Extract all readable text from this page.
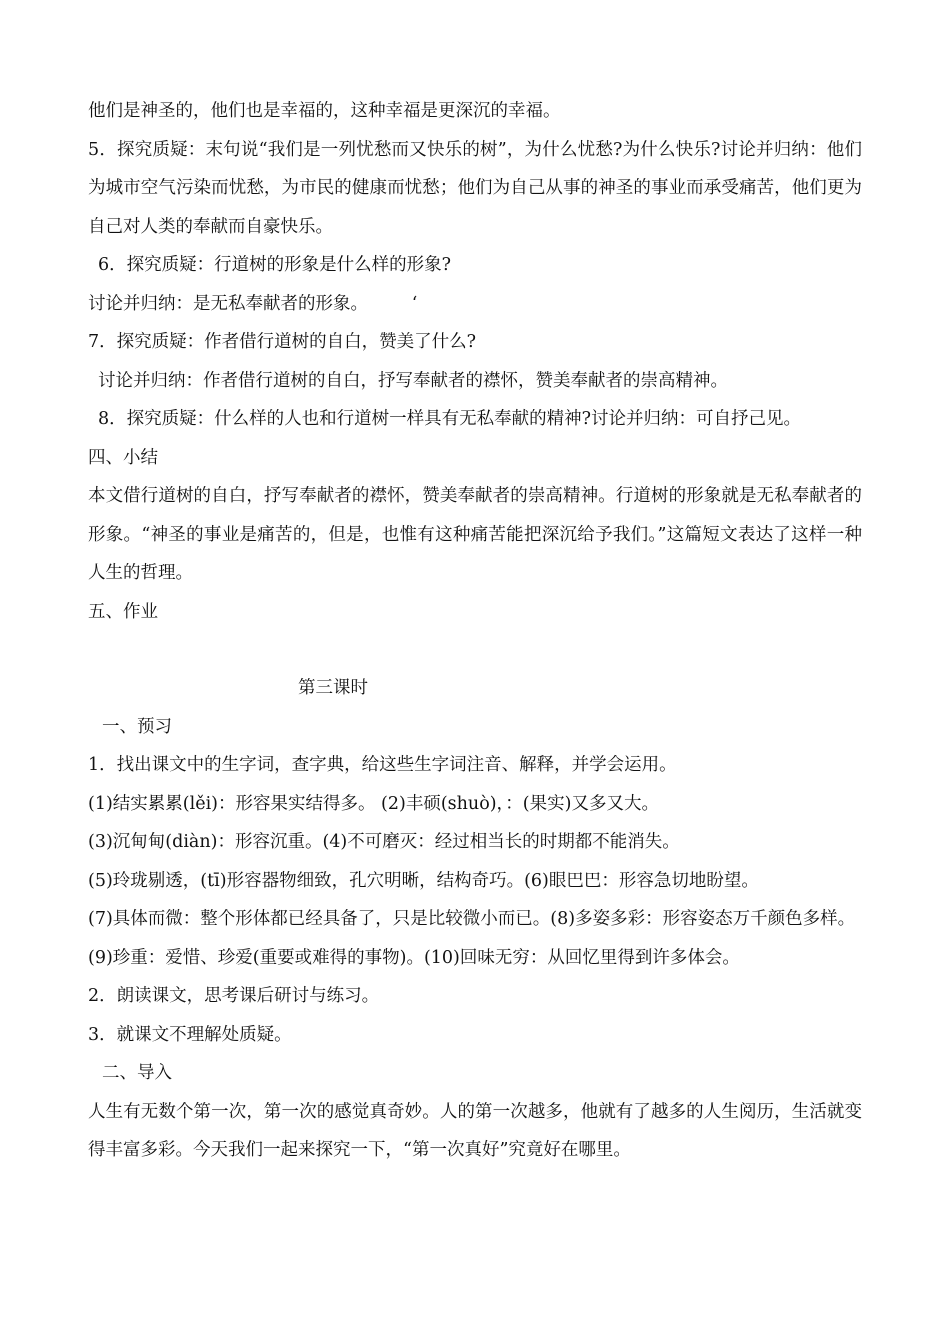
他们是神圣的，他们也是幸福的，这种幸福是更深沉的幸福。

5．探究质疑：末句说“我们是一列忧愁而又快乐的树”，为什么忧愁?为什么快乐?讨论并归纳：他们为城市空气污染而忧愁，为市民的健康而忧愁；他们为自己从事的神圣的事业而承受痛苦，他们更为自己对人类的奉献而自豪快乐。

6．探究质疑：行道树的形象是什么样的形象?

讨论并归纳：是无私奉献者的形象。　　　‘

7．探究质疑：作者借行道树的自白，赞美了什么?

讨论并归纳：作者借行道树的自白，抒写奉献者的襟怀，赞美奉献者的崇高精神。

8．探究质疑：什么样的人也和行道树一样具有无私奉献的精神?讨论并归纳：可自抒己见。

四、小结

本文借行道树的自白，抒写奉献者的襟怀，赞美奉献者的崇高精神。行道树的形象就是无私奉献者的形象。“神圣的事业是痛苦的，但是，也惟有这种痛苦能把深沉给予我们。”这篇短文表达了这样一种人生的哲理。

五、作业

第三课时

一、预习

1．找出课文中的生字词，查字典，给这些生字词注音、解释，并学会运用。

(1)结实累累(lěi)：形容果实结得多。 (2)丰硕(shuò)，：(果实)又多又大。

(3)沉甸甸(diàn)：形容沉重。(4)不可磨灭：经过相当长的时期都不能消失。

(5)玲珑剔透，(tī)形容器物细致，孔穴明晰，结构奇巧。(6)眼巴巴：形容急切地盼望。

(7)具体而微：整个形体都已经具备了，只是比较微小而已。(8)多姿多彩：形容姿态万千颜色多样。

(9)珍重：爱惜、珍爱(重要或难得的事物)。(10)回味无穷：从回忆里得到许多体会。

2．朗读课文，思考课后研讨与练习。

3．就课文不理解处质疑。

二、导入

人生有无数个第一次，第一次的感觉真奇妙。人的第一次越多，他就有了越多的人生阅历，生活就变得丰富多彩。今天我们一起来探究一下，“第一次真好”究竟好在哪里。
